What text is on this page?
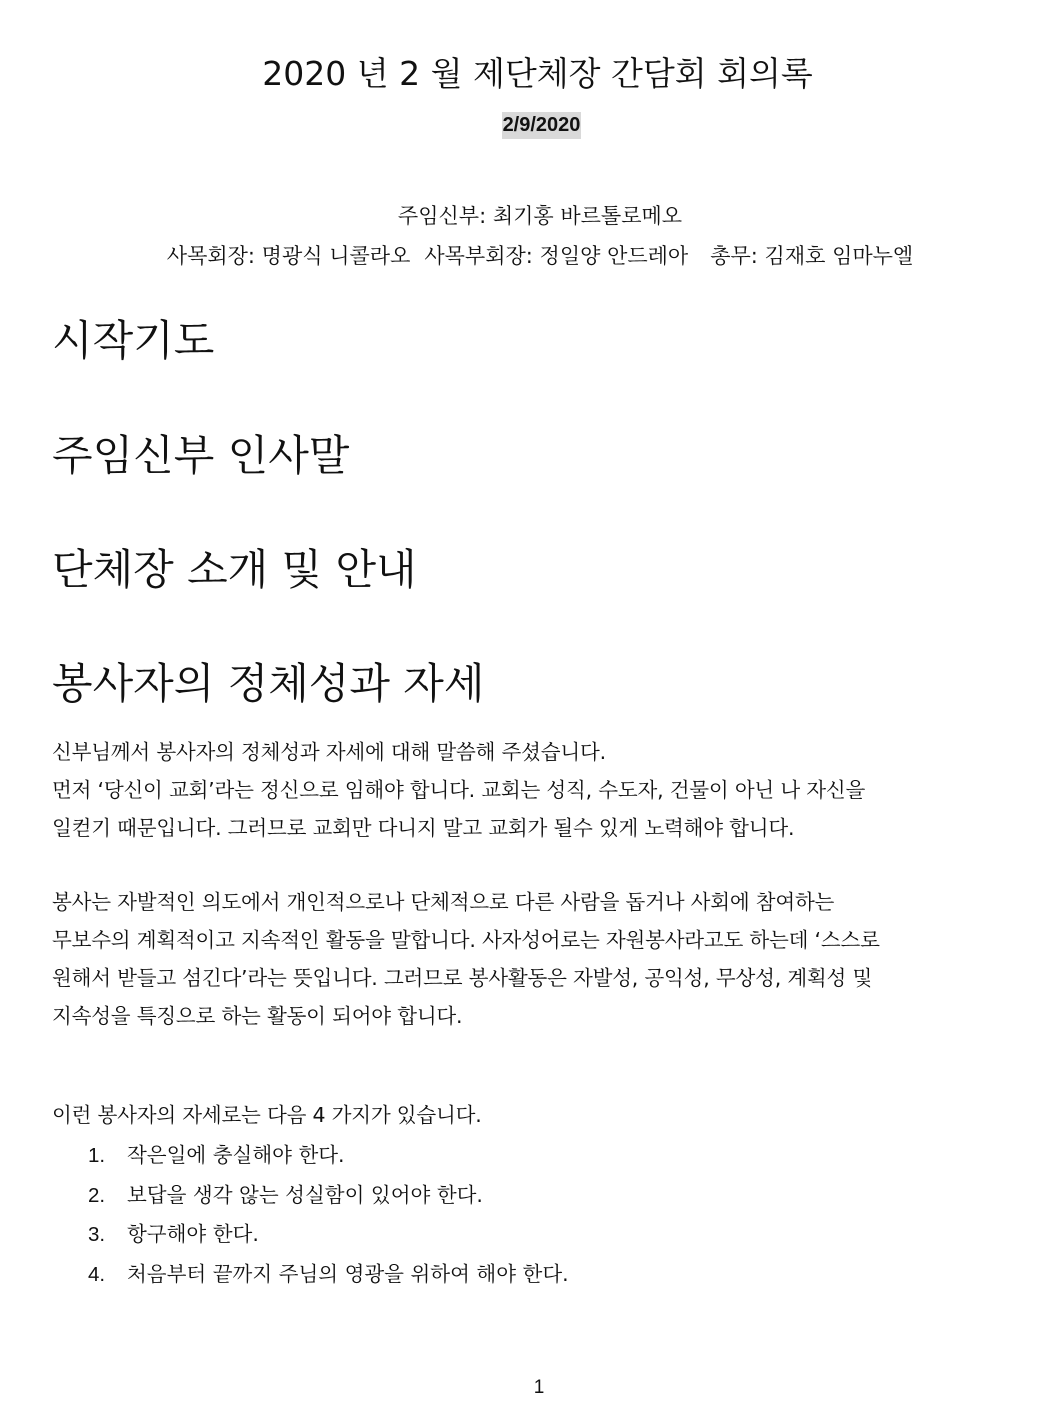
2020 년 2 월 제단체장 간담회 회의록
2/9/2020

주임신부: 최기홍 바르톨로메오

사목회장: 명광식 니콜라오 사목부회장: 정일양 안드레아 총무: 김재호 임마누엘

시작기도
주임신부 인사말
단체장 소개 및 안내
봉사자의 정체성과 자세

신부님께서 봉사자의 정체성과 자세에 대해 말씀해 주셨습니다.
먼저 ‘당신이 교회’라는 정신으로 임해야 합니다. 교회는 성직, 수도자, 건물이 아닌 나 자신을
일컫기 때문입니다. 그러므로 교회만 다니지 말고 교회가 될수 있게 노력해야 합니다.

봉사는 자발적인 의도에서 개인적으로나 단체적으로 다른 사람을 돕거나 사회에 참여하는
무보수의 계획적이고 지속적인 활동을 말합니다. 사자성어로는 자원봉사라고도 하는데 ‘스스로
원해서 받들고 섬긴다’라는 뜻입니다. 그러므로 봉사활동은 자발성, 공익성, 무상성, 계획성 및
지속성을 특징으로 하는 활동이 되어야 합니다.

이런 봉사자의 자세로는 다음 4 가지가 있습니다.

1. 작은일에 충실해야 한다.
2. 보답을 생각 않는 성실함이 있어야 한다.
3. 항구해야 한다.
4. 처음부터 끝까지 주님의 영광을 위하여 해야 한다.
1
